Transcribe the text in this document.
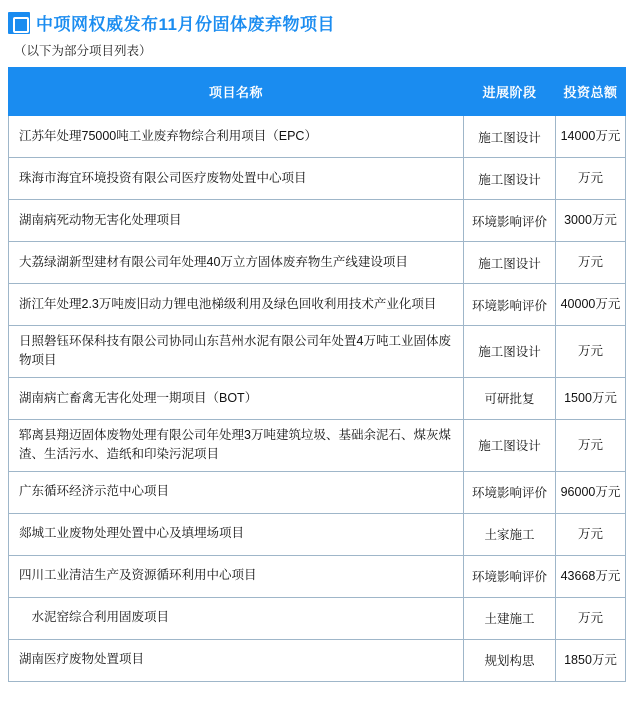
中项网权威发布11月份固体废弃物项目
（以下为部分项目列表）
项目名称	进展阶段	投资总额
江苏年处理75000吨工业废弃物综合利用项目（EPC）	施工图设计	14000万元
珠海市海宜环境投资有限公司医疗废物处置中心项目	施工图设计	万元
湖南病死动物无害化处理项目	环境影响评价	3000万元
大荔绿湖新型建材有限公司年处理40万立方固体废弃物生产线建设项目	施工图设计	万元
浙江年处理2.3万吨废旧动力锂电池梯级利用及绿色回收利用技术产业化项目	环境影响评价	40000万元
日照磐钰环保科技有限公司协同山东莒州水泥有限公司年处置4万吨工业固体废物项目	施工图设计	万元
湖南病亡畜禽无害化处理一期项目（BOT）	可研批复	1500万元
郓离县翔迈固体废物处理有限公司年处理3万吨建筑垃圾、基础余泥石、煤灰煤渣、生活污水、造纸和印染污泥项目	施工图设计	万元
广东循环经济示范中心项目	环境影响评价	96000万元
郯城工业废物处理处置中心及填埋场项目	土家施工	万元
四川工业清洁生产及资源循环利用中心项目	环境影响评价	43668万元
　水泥窑综合利用固废项目	土建施工	万元
湖南医疗废物处置项目	规划构思	1850万元
